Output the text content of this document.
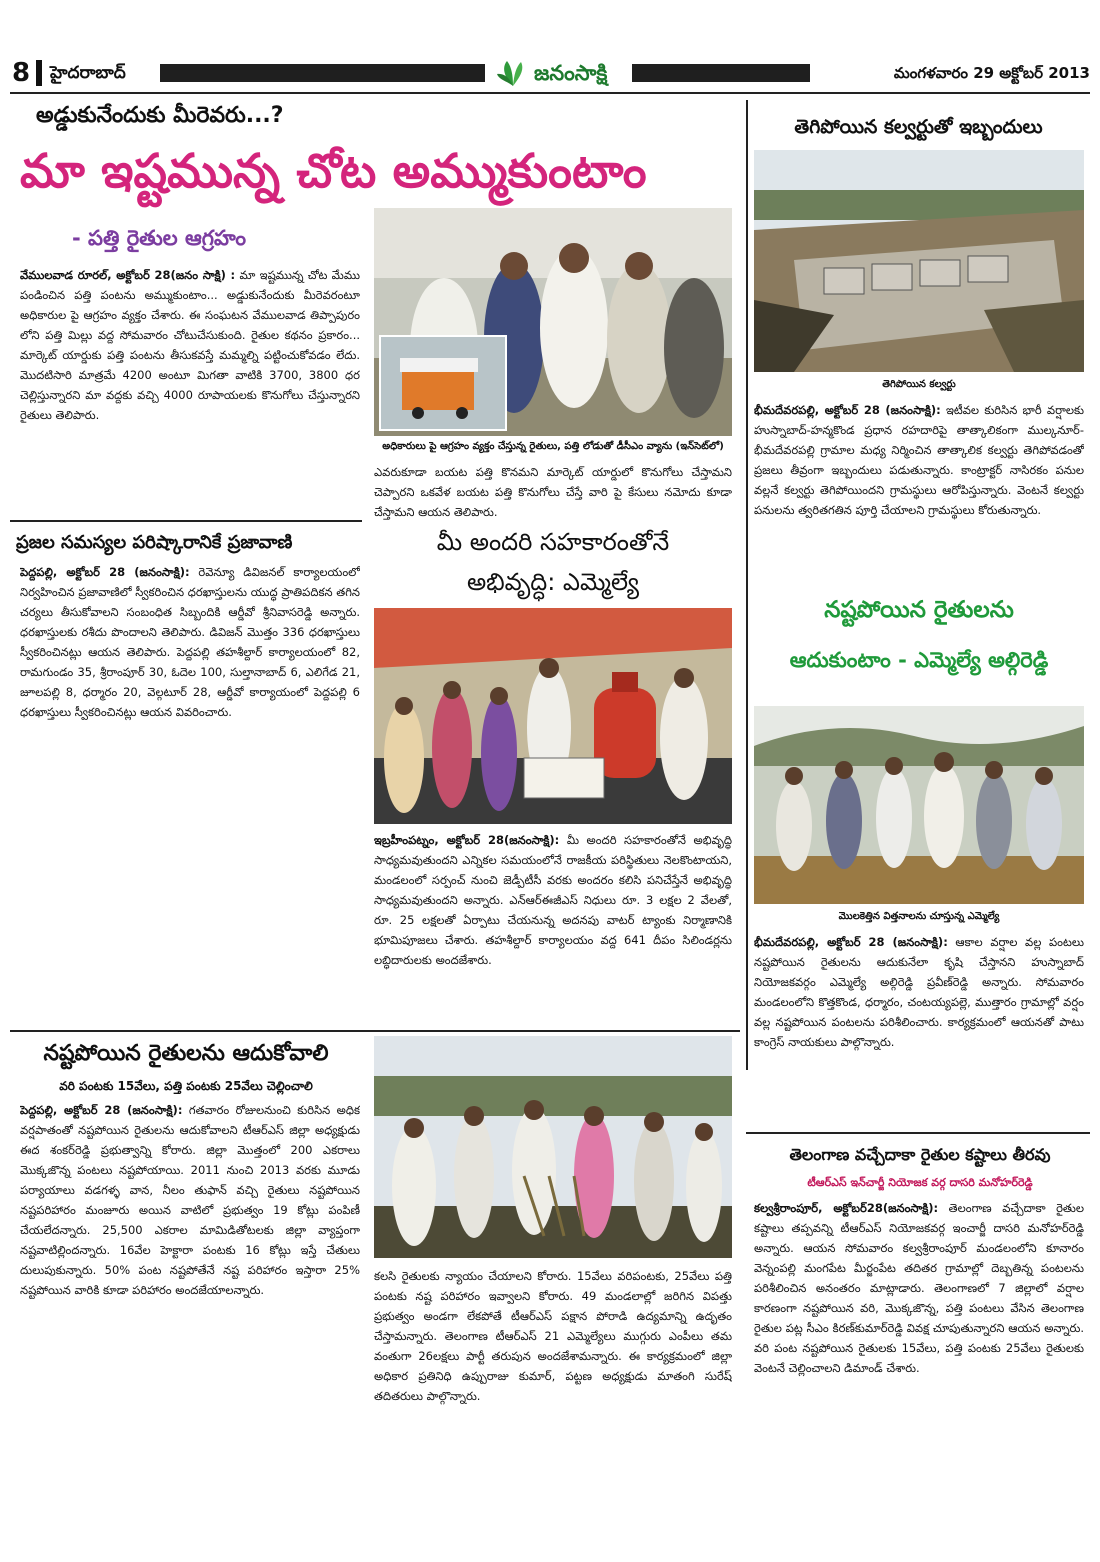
8 హైదరాబాద్	జనంసాక్షి	మంగళవారం 29 అక్టోబర్ 2013
అడ్డుకునేందుకు మీరెవరు...?
మా ఇష్టమున్న చోట అమ్ముకుంటాం
- పత్తి రైతుల ఆగ్రహం
వేములవాడ రూరల్, అక్టోబర్ 28(జనం సాక్షి) : మా ఇష్టమున్న చోట మేము పండించిన పత్తి పంటను అమ్ముకుంటాం... అడ్డుకునేందుకు మీరెవరంటూ అధికారుల పై ఆగ్రహం వ్యక్తం చేశారు. ఈ సంఘటన వేములవాడ తిప్పాపురం లోని పత్తి మిల్లు వద్ద సోమవారం చోటుచేసుకుంది. రైతుల కథనం ప్రకారం... మార్కెట్ యార్డుకు పత్తి పంటను తీసుకవస్తే మమ్మల్ని పట్టించుకోవడం లేదు. మొదటిసారి మాత్రమే 4200 అంటూ మిగతా వాటికి 3700, 3800 ధర చెల్లిస్తున్నారని మా వద్దకు వచ్చి 4000 రూపాయలకు కొనుగోలు చేస్తున్నారని రైతులు తెలిపారు.
అధికారులు పై ఆగ్రహం వ్యక్తం చేస్తున్న రైతులు, పత్తి లోడుతో డీసీఎం వ్యాను (ఇన్‌సెట్‌లో)
ఎవరుకూడా బయట పత్తి కొనమని మార్కెట్ యార్డులో కొనుగోలు చేస్తామని చెప్పారని ఒకవేళ బయట పత్తి కొనుగోలు చేస్తే వారి పై కేసులు నమోదు కూడా చేస్తామని ఆయన తెలిపారు.
తెగిపోయిన కల్వర్టుతో ఇబ్బందులు
తెగిపోయిన కల్వర్టు
భీమదేవరపల్లి, అక్టోబర్ 28 (జనంసాక్షి): ఇటీవల కురిసిన భారీ వర్షాలకు హుస్నాబాద్-హన్మకొండ ప్రధాన రహదారిపై తాత్కాలికంగా ముల్కనూర్-భీమదేవరపల్లి గ్రామాల మధ్య నిర్మించిన తాత్కాలిక కల్వర్టు తెగిపోవడంతో ప్రజలు తీవ్రంగా ఇబ్బందులు పడుతున్నారు. కాంట్రాక్టర్ నాసిరకం పనుల వల్లనే కల్వర్టు తెగిపోయిందని గ్రామస్థులు ఆరోపిస్తున్నారు. వెంటనే కల్వర్టు పనులను త్వరితగతిన పూర్తి చేయాలని గ్రామస్థులు కోరుతున్నారు.
నష్టపోయిన రైతులను
ఆదుకుంటాం - ఎమ్మెల్యే అల్గిరెడ్డి
మొలకెత్తిన విత్తనాలను చూస్తున్న ఎమ్మెల్యే
భీమదేవరపల్లి, అక్టోబర్ 28 (జనంసాక్షి): ఆకాల వర్షాల వల్ల పంటలు నష్టపోయిన రైతులను ఆదుకునేలా కృషి చేస్తానని హుస్నాబాద్ నియోజకవర్గం ఎమ్మెల్యే అల్గిరెడ్డి ప్రవీణ్‌రెడ్డి అన్నారు. సోమవారం మండలంలోని కొత్తకొండ, ధర్మారం, చంటయ్యపల్లె, ముత్తారం గ్రామాల్లో వర్షం వల్ల నష్టపోయిన పంటలను పరిశీలించారు. కార్యక్రమంలో ఆయనతో పాటు కాంగ్రెస్ నాయకులు పాల్గొన్నారు.
ప్రజల సమస్యల పరిష్కారానికే ప్రజావాణి
పెద్దపల్లి, అక్టోబర్ 28 (జనంసాక్షి): రెవెన్యూ డివిజనల్ కార్యాలయంలో నిర్వహించిన ప్రజావాణిలో స్వీకరించిన ధరఖాస్తులను యుద్ధ ప్రాతిపదికన తగిన చర్యలు తీసుకోవాలని సంబంధిత సిబ్బందికి ఆర్డీవో శ్రీనివాసరెడ్డి అన్నారు. ధరఖాస్తులకు రశీదు పొందాలని తెలిపారు. డివిజన్ మొత్తం 336 ధరఖాస్తులు స్వీకరించినట్లు ఆయన తెలిపారు. పెద్దపల్లి తహశీల్దార్ కార్యాలయంలో 82, రామగుండం 35, శ్రీరాంపూర్ 30, ఓదెల 100, సుల్తానాబాద్ 6, ఎలిగేడ 21, జూలపల్లి 8, ధర్మారం 20, వెల్గటూర్ 28, ఆర్డీవో కార్యాయంలో పెద్దపల్లి 6 ధరఖాస్తులు స్వీకరించినట్లు ఆయన వివరించారు.
మీ అందరి సహకారంతోనే
అభివృద్ధి: ఎమ్మెల్యే
ఇబ్రహీంపట్నం, అక్టోబర్ 28(జనంసాక్షి): మీ అందరి సహకారంతోనే అభివృద్ధి సాధ్యమవుతుందని ఎన్నికల సమయంలోనే రాజకీయ పరిస్థితులు నెలకొంటాయని, మండలంలో సర్పంచ్ నుంచి జెడ్పీటీసీ వరకు అందరం కలిసి పనిచేస్తేనే అభివృద్ధి సాధ్యమవుతుందని అన్నారు. ఎన్‌ఆర్‌ఈజీఎస్ నిధులు రూ. 3 లక్షల 2 వేలతో, రూ. 25 లక్షలతో ఏర్పాటు చేయనున్న అదనపు వాటర్ ట్యాంకు నిర్మాణానికి భూమిపూజలు చేశారు. తహశీల్దార్ కార్యాలయం వద్ద 641 దీపం సిలిండర్లను లబ్ధిదారులకు అందజేశారు.
నష్టపోయిన రైతులను ఆదుకోవాలి
వరి పంటకు 15వేలు, పత్తి పంటకు 25వేలు చెల్లించాలి
పెద్దపల్లి, అక్టోబర్ 28 (జనంసాక్షి): గతవారం రోజులనుంచి కురిసిన అధిక వర్షపాతంతో నష్టపోయిన రైతులను ఆదుకోవాలని టీఆర్ఎస్ జిల్లా అధ్యక్షుడు ఈద శంకర్‌రెడ్డి ప్రభుత్వాన్ని కోరారు. జిల్లా మొత్తంలో 200 ఎకరాలు మొక్కజొన్న పంటలు నష్టపోయాయి. 2011 నుంచి 2013 వరకు మూడు పర్యాయాలు వడగళ్ళ వాన, నీలం తుఫాన్ వచ్చి రైతులు నష్టపోయిన నష్టపరిహారం మంజూరు అయిన వాటిలో ప్రభుత్వం 19 కోట్లు పంపిణీ చేయలేదన్నారు. 25,500 ఎకరాల మామిడితోటలకు జిల్లా వ్యాప్తంగా నష్టవాటిల్లిందన్నారు. 16వేల హెక్టారా పంటకు 16 కోట్లు ఇస్తే చేతులు దులుపుకున్నారు. 50% పంట నష్టపోతేనే నష్ట పరిహారం ఇస్తారా 25% నష్టపోయిన వారికి కూడా పరిహారం అందజేయాలన్నారు.
కలసి రైతులకు న్యాయం చేయాలని కోరారు. 15వేలు వరిపంటకు, 25వేలు పత్తి పంటకు నష్ట పరిహారం ఇవ్వాలని కోరారు. 49 మండలాల్లో జరిగిన విపత్తు ప్రభుత్వం అండగా లేకపోతే టీఆర్ఎస్ పక్షాన పోరాడి ఉద్యమాన్ని ఉదృతం చేస్తామన్నారు. తెలంగాణ టీఆర్ఎస్ 21 ఎమ్మెల్యేలు ముగ్గురు ఎంపీలు తమ వంతుగా 26లక్షలు పార్టీ తరుపున అందజేశామన్నారు. ఈ కార్యక్రమంలో జిల్లా అధికార ప్రతినిధి ఉప్పురాజు కుమార్, పట్టణ అధ్యక్షుడు మాతంగి సురేష్ తదితరులు పాల్గొన్నారు.
తెలంగాణ వచ్చేదాకా రైతుల కష్టాలు తీరవు
టీఆర్ఎస్ ఇన్‌చార్జీ నియోజక వర్గ దాసరి మనోహర్‌రెడ్డి
కల్వశ్రీరాంపూర్, అక్టోబర్28(జనంసాక్షి): తెలంగాణ వచ్చేదాకా రైతుల కష్టాలు తప్పవన్ని టీఆర్ఎస్ నియోజకవర్గ ఇంచార్జీ దాసరి మనోహర్‌రెడ్డి అన్నారు. ఆయన సోమవారం కల్వశ్రీరాంపూర్ మండలంలోని కూనారం వెన్నంపల్లి మంగపేట మీర్జంపేట తదితర గ్రామాల్లో దెబ్బతిన్న పంటలను పరిశీలించిన అనంతరం మాట్లాడారు. తెలంగాణలో 7 జిల్లాలో వర్షాల కారణంగా నష్టపోయిన వరి, మొక్కజొన్న, పత్తి పంటలు వేసిన తెలంగాణ రైతుల పట్ల సీఎం కిరణ్‌కుమార్‌రెడ్డి వివక్ష చూపుతున్నారని ఆయన అన్నారు. వరి పంట నష్టపోయిన రైతులకు 15వేలు, పత్తి పంటకు 25వేలు రైతులకు వెంటనే చెల్లించాలని డిమాండ్ చేశారు.
